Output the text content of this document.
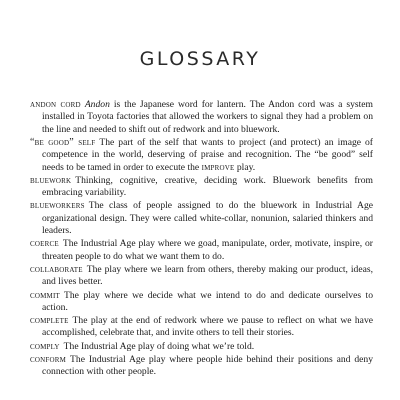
GLOSSARY

andon cord Andon is the Japanese word for lantern. The Andon cord was a system installed in Toyota factories that allowed the workers to signal they had a problem on the line and needed to shift out of redwork and into bluework.

“be good” self The part of the self that wants to project (and protect) an image of competence in the world, deserving of praise and recognition. The “be good” self needs to be tamed in order to execute the improve play.

bluework Thinking, cognitive, creative, deciding work. Bluework benefits from embracing variability.

blueworkers The class of people assigned to do the bluework in Industrial Age organizational design. They were called white-collar, nonunion, salaried thinkers and leaders.

coerce The Industrial Age play where we goad, manipulate, order, motivate, inspire, or threaten people to do what we want them to do.

collaborate The play where we learn from others, thereby making our product, ideas, and lives better.

commit The play where we decide what we intend to do and dedicate ourselves to action.

complete The play at the end of redwork where we pause to reflect on what we have accomplished, celebrate that, and invite others to tell their stories.

comply The Industrial Age play of doing what we’re told.

conform The Industrial Age play where people hide behind their positions and deny connection with other people.
